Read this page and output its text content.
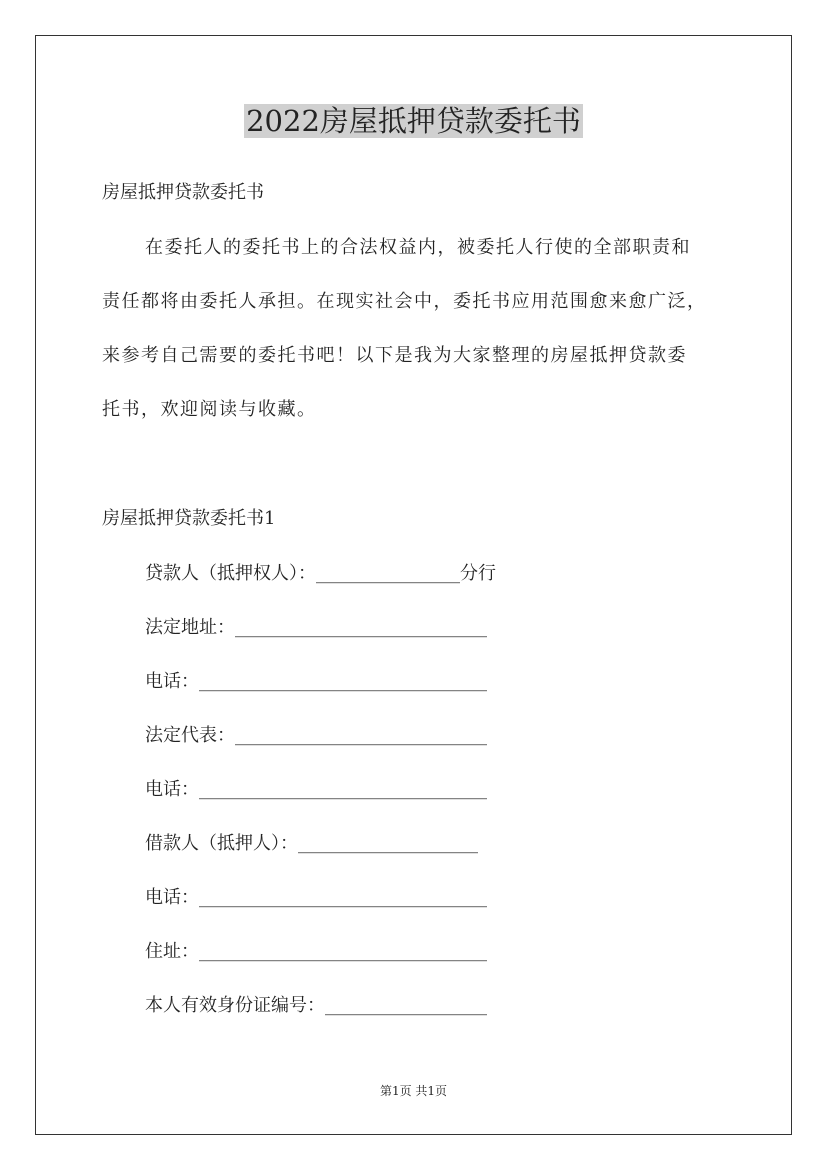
2022房屋抵押贷款委托书

房屋抵押贷款委托书

在委托人的委托书上的合法权益内，被委托人行使的全部职责和

责任都将由委托人承担。在现实社会中，委托书应用范围愈来愈广泛，

来参考自己需要的委托书吧！以下是我为大家整理的房屋抵押贷款委

托书，欢迎阅读与收藏。

房屋抵押贷款委托书1

贷款人（抵押权人）：________________分行

法定地址：____________________________

电话：________________________________

法定代表：____________________________

电话：________________________________

借款人（抵押人）：____________________

电话：________________________________

住址：________________________________

本人有效身份证编号：__________________

第1页 共1页
